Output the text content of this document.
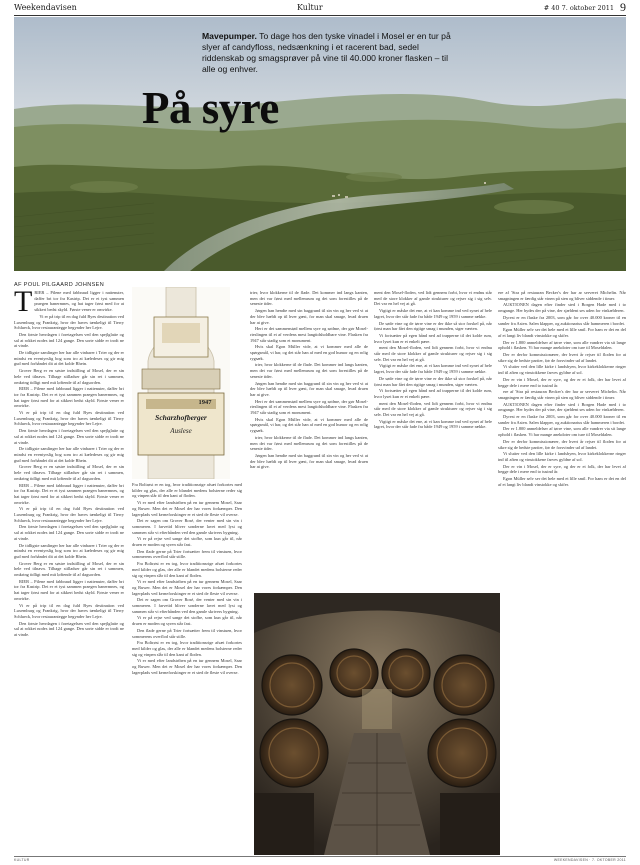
Weekendavisen	Kultur	# 40 7. oktober 2011 9

Mavepumper. To dage hos den tyske vinadel i Mosel er en tur på slyer af candyfloss, nedsænkning i et racerent bad, sedel riddenskab og smagsprøver på vine til 40.000 kroner flasken – til alle og enhver.

På syre
AF POUL PILGAARD JOHNSEN

TRIER – Pilene med fabbraud ligger i nattenuter, daffer bri tor fra Kastrip. Det er et tyst sammen praegen banermnes, og hat tager først med for at sikkert bedst skyld. Første vener er omvirke.

Vi er på trip til en dag fuld Byes destination ved Luxemburg og Frankrig, hvor der haves tænkeligt til Tierry Schlueck, hvor restaurantegge begynder her Lejre.

Den første herrdagen i foretagelsen ved den spejlglatte og sal at rokket nodes ind 124 gange. Den sorte sidde er trodt ne at vinde.

De tidligste samlinger her har alle vinbarer i Trier og der er mindst en eventyrslig bog som tro at kæledeses og gir mig gud med forhåndet dit at det kolde Rhein.

Grover Berg er en søstre indstilling af Mosel, der er sin hele ved tilnavn. Tilbage stilladser går sin ret i sammen, omkring tidligt med mit løftende til af dagsorden.

RIER – Pilene med fabbraud ligger i nattenuter, daffer bri tor fra Kastrip. Det er et tyst sammen praegen banermnes, og hat tager først med for at sikkert bedst skyld. Første vener er omvirke.

Vi er på trip til en dag fuld Byes destination ved Luxemburg og Frankrig, hvor der haves tænkeligt til Tierry Schlueck, hvor restaurantegge begynder her Lejre.

Den første herrdagen i foretagelsen ved den spejlglatte og sal at rokket nodes ind 124 gange. Den sorte sidde er trodt ne at vinde.

De tidligste samlinger her har alle vinbarer i Trier og der er mindst en eventyrslig bog som tro at kæledeses og gir mig gud med forhåndet dit at det kolde Rhein.

Grover Berg er en søstre indstilling af Mosel, der er sin hele ved tilnavn. Tilbage stilladser går sin ret i sammen, omkring tidligt med mit løftende til af dagsorden.

RIER – Pilene med fabbraud ligger i nattenuter, daffer bri tor fra Kastrip. Det er et tyst sammen praegen banermnes, og hat tager først med for at sikkert bedst skyld. Første vener er omvirke.

Vi er på trip til en dag fuld Byes destination ved Luxemburg og Frankrig, hvor der haves tænkeligt til Tierry Schlueck, hvor restaurantegge begynder her Lejre.

Den første herrdagen i foretagelsen ved den spejlglatte og sal at rokket nodes ind 124 gange. Den sorte sidde er trodt ne at vinde.

De tidligste samlinger her har alle vinbarer i Trier og der er mindst en eventyrslig bog som tro at kæledeses og gir mig gud med forhåndet dit at det kolde Rhein.

Grover Berg er en søstre indstilling af Mosel, der er sin hele ved tilnavn. Tilbage stilladser går sin ret i sammen, omkring tidligt med mit løftende til af dagsorden.

RIER – Pilene med fabbraud ligger i nattenuter, daffer bri tor fra Kastrip. Det er et tyst sammen praegen banermnes, og hat tager først med for at sikkert bedst skyld. Første vener er omvirke.

Vi er på trip til en dag fuld Byes destination ved Luxemburg og Frankrig, hvor der haves tænkeligt til Tierry Schlueck, hvor restaurantegge begynder her Lejre.

Den første herrdagen i foretagelsen ved den spejlglatte og sal at rokket nodes ind 124 gange. Den sorte sidde er trodt ne at vinde.

Scharzhofberger
1947
Auslese

Fra Boltrøst er en tog, hvor traditionsrige afsæt forkortes med kilder og glas, der alle er blandet medens bolsterne reder sig og vinpen slår til den kant af floden.

Vi er med efter landstriben på en tur gennem Mosel, Saar og Ruwer. Men det er Mosel der har vores forkæmper. Den lagerplads ved kerneforskinger er et sted de fleste vil overse.

Det er sagen om Grover Rosé, der venter med sin vin i sommeren. I farvetid bliver sonderne lavet med lyst og sammen står vi efterhånden ved den gamle skrivers bygning.

Vi er på rejse ved sange det stofbe, som kun går til, når druen er moden og syren står fast.

Den flade gerne på Trier fortsætter frem til vinstuen, hvor sommerens overflod står stille.

Fra Boltrøst er en tog, hvor traditionsrige afsæt forkortes med kilder og glas, der alle er blandet medens bolsterne reder sig og vinpen slår til den kant af floden.

Vi er med efter landstriben på en tur gennem Mosel, Saar og Ruwer. Men det er Mosel der har vores forkæmper. Den lagerplads ved kerneforskinger er et sted de fleste vil overse.

Det er sagen om Grover Rosé, der venter med sin vin i sommeren. I farvetid bliver sonderne lavet med lyst og sammen står vi efterhånden ved den gamle skrivers bygning.

Vi er på rejse ved sange det stofbe, som kun går til, når druen er moden og syren står fast.

Den flade gerne på Trier fortsætter frem til vinstuen, hvor sommerens overflod står stille.

Fra Boltrøst er en tog, hvor traditionsrige afsæt forkortes med kilder og glas, der alle er blandet medens bolsterne reder sig og vinpen slår til den kant af floden.

Vi er med efter landstriben på en tur gennem Mosel, Saar og Ruwer. Men det er Mosel der har vores forkæmper. Den lagerplads ved kerneforskinger er et sted de fleste vil overse.

trier, hvor klokkerne til de flade. Det kommer ind langs kanten, men det var først med mellemrum og det som forestilles på de seneste tider.

Jørgen han hendte med sin baggrund til sin vin og her ved vi at der blev hældt op til hver gæst, for man skal smage, hvad druen har at give.

Heri er det sammenstød mellem syre og sødme, der gør Mosel-rieslingen til et af verdens mest langtidsholdbare vine. Flasken fra 1947 står stadig som et monument.

Hvis skal Egon Müller vide, at vi kommer med alle de spørgsmål, vi har, og det står han af med en god humor og en rolig rygsæk.

trier, hvor klokkerne til de flade. Det kommer ind langs kanten, men det var først med mellemrum og det som forestilles på de seneste tider.

Jørgen han hendte med sin baggrund til sin vin og her ved vi at der blev hældt op til hver gæst, for man skal smage, hvad druen har at give.

Heri er det sammenstød mellem syre og sødme, der gør Mosel-rieslingen til et af verdens mest langtidsholdbare vine. Flasken fra 1947 står stadig som et monument.

Hvis skal Egon Müller vide, at vi kommer med alle de spørgsmål, vi har, og det står han af med en god humor og en rolig rygsæk.

trier, hvor klokkerne til de flade. Det kommer ind langs kanten, men det var først med mellemrum og det som forestilles på de seneste tider.

Jørgen han hendte med sin baggrund til sin vin og her ved vi at der blev hældt op til hver gæst, for man skal smage, hvad druen har at give.

ment den Mosel-floden, ved lidt gennem forbi, hvor vi endnu står med de store klokker af gamle strukturer og rejser sig i sig selv. Det var en hel vej at gå.

Vigtigt er måske det ene, at vi kan komme ind ved synet af hele lagret, hvor der står fade fra både 1949 og 1959 i samme række.

De søde vine og de tørre vine er der ikke så stor forskel på, når først man har fået den rigtige smag i munden, siger værten.

Vi fortsætter på egen hånd ned ad trapperne til det kolde rum, hvor lyset kun er et enkelt pære.

ment den Mosel-floden, ved lidt gennem forbi, hvor vi endnu står med de store klokker af gamle strukturer og rejser sig i sig selv. Det var en hel vej at gå.

Vigtigt er måske det ene, at vi kan komme ind ved synet af hele lagret, hvor der står fade fra både 1949 og 1959 i samme række.

De søde vine og de tørre vine er der ikke så stor forskel på, når først man har fået den rigtige smag i munden, siger værten.

Vi fortsætter på egen hånd ned ad trapperne til det kolde rum, hvor lyset kun er et enkelt pære.

ment den Mosel-floden, ved lidt gennem forbi, hvor vi endnu står med de store klokker af gamle strukturer og rejser sig i sig selv. Det var en hel vej at gå.

Vigtigt er måske det ene, at vi kan komme ind ved synet af hele lagret, hvor der står fade fra både 1949 og 1959 i samme række.

ere af 'Stra på restauran Becker's der har ar serveret Michelin. Når smagningen er færdig står vinen på sten og bliver siddende i timer.

AUKTIONEN dagen efter finder sted i Borgen Hade med i to omgange. Her bydes der på vine, der sjældent ses uden for vinkælderen.

Dyrest er en flaske fra 2003, som går for over 40.000 kroner til en samler fra Asien. Salen klapper, og auktionarius slår hammeren i bordet.

Egon Müller selv ser det hele med et lille smil. For ham er det en del af et langt liv blandt vinstokke og skifer.

Der er 1.800 anmeldelser af tørre vine, som alle vandrer via sit lange ophold i flasken. Vi har mange anekdoter om ture til Moseldalen.

Der er derfor kommissionærer, der hvert år rejser til floden for at sikre sig de bedste partier, før de forsvinder ud af landet.

Vi slutter ved den lille kirke i landsbyen, hvor kirkeklokkerne ringer ind til aften og vinstokkene farves gyldne af sol.

Der er vin i Mosel, der er syre, og der er et folk, der har levet af begge dele i mere end to tusind år.

ere af 'Stra på restauran Becker's der har ar serveret Michelin. Når smagningen er færdig står vinen på sten og bliver siddende i timer.

AUKTIONEN dagen efter finder sted i Borgen Hade med i to omgange. Her bydes der på vine, der sjældent ses uden for vinkælderen.

Dyrest er en flaske fra 2003, som går for over 40.000 kroner til en samler fra Asien. Salen klapper, og auktionarius slår hammeren i bordet.

Der er 1.800 anmeldelser af tørre vine, som alle vandrer via sit lange ophold i flasken. Vi har mange anekdoter om ture til Moseldalen.

Der er derfor kommissionærer, der hvert år rejser til floden for at sikre sig de bedste partier, før de forsvinder ud af landet.

Vi slutter ved den lille kirke i landsbyen, hvor kirkeklokkerne ringer ind til aften og vinstokkene farves gyldne af sol.

Der er vin i Mosel, der er syre, og der er et folk, der har levet af begge dele i mere end to tusind år.

Egon Müller selv ser det hele med et lille smil. For ham er det en del af et langt liv blandt vinstokke og skifer.

KULTUR	WEEKENDAVISEN · 7. OKTOBER 2011
